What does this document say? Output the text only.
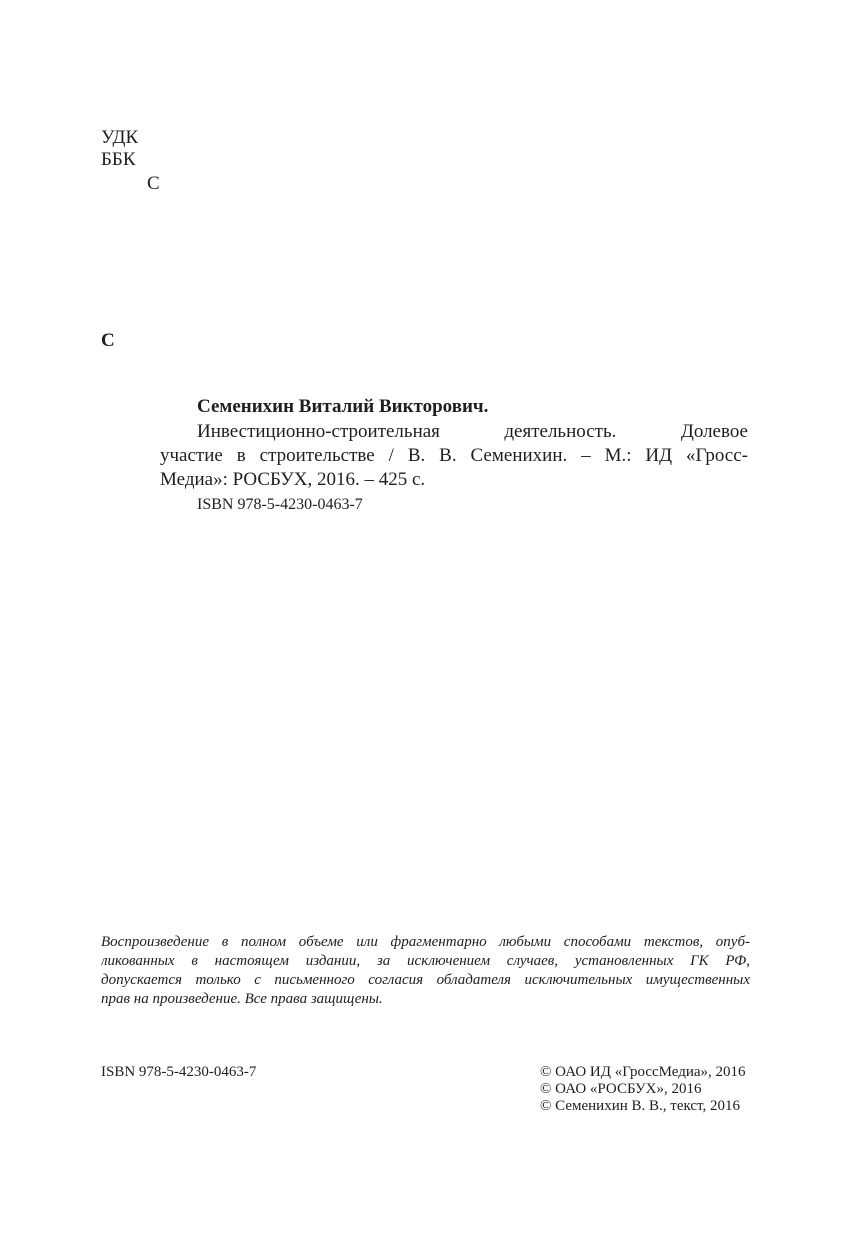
УДК
ББК
С
С
Семенихин Виталий Викторович.
Инвестиционно-строительная деятельность. Долевое
участие в строительстве / В. В. Семенихин. – М.: ИД «Гросс-
Медиа»: РОСБУХ, 2016. – 425 с.
ISBN 978-5-4230-0463-7
Воспроизведение в полном объеме или фрагментарно любыми способами текстов, опуб-
ликованных в настоящем издании, за исключением случаев, установленных ГК РФ,
допускается только с письменного согласия обладателя исключительных имущественных
прав на произведение. Все права защищены.
ISBN 978-5-4230-0463-7	© ОАО ИД «ГроссМедиа», 2016
© ОАО «РОСБУХ», 2016
© Семенихин В. В., текст, 2016
